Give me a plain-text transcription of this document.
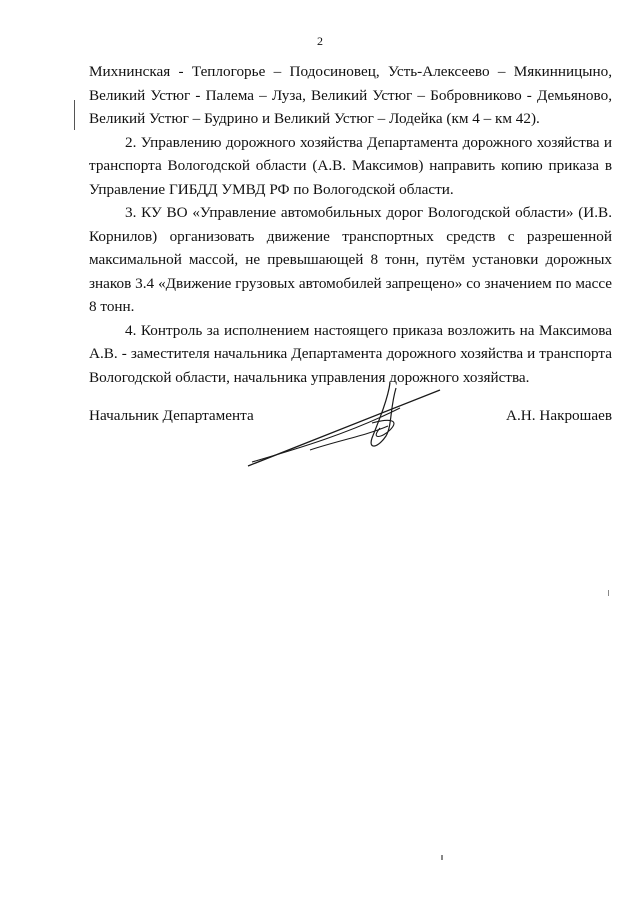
2

Михнинская - Теплогорье – Подосиновец, Усть-Алексеево – Мякинницыно, Великий Устюг - Палема – Луза, Великий Устюг – Бобровниково - Демьяново, Великий Устюг – Будрино и Великий Устюг – Лодейка (км 4 – км 42).

2. Управлению дорожного хозяйства Департамента дорожного хозяйства и транспорта Вологодской области (А.В. Максимов) направить копию приказа в Управление ГИБДД УМВД РФ по Вологодской области.

3. КУ ВО «Управление автомобильных дорог Вологодской области» (И.В. Корнилов) организовать движение транспортных средств с разрешенной максимальной массой, не превышающей 8 тонн, путём установки дорожных знаков 3.4 «Движение грузовых автомобилей запрещено» со значением по массе 8 тонн.

4. Контроль за исполнением настоящего приказа возложить на Максимова А.В. - заместителя начальника Департамента дорожного хозяйства и транспорта Вологодской области, начальника управления дорожного хозяйства.

Начальник Департамента	А.Н. Накрошаев
